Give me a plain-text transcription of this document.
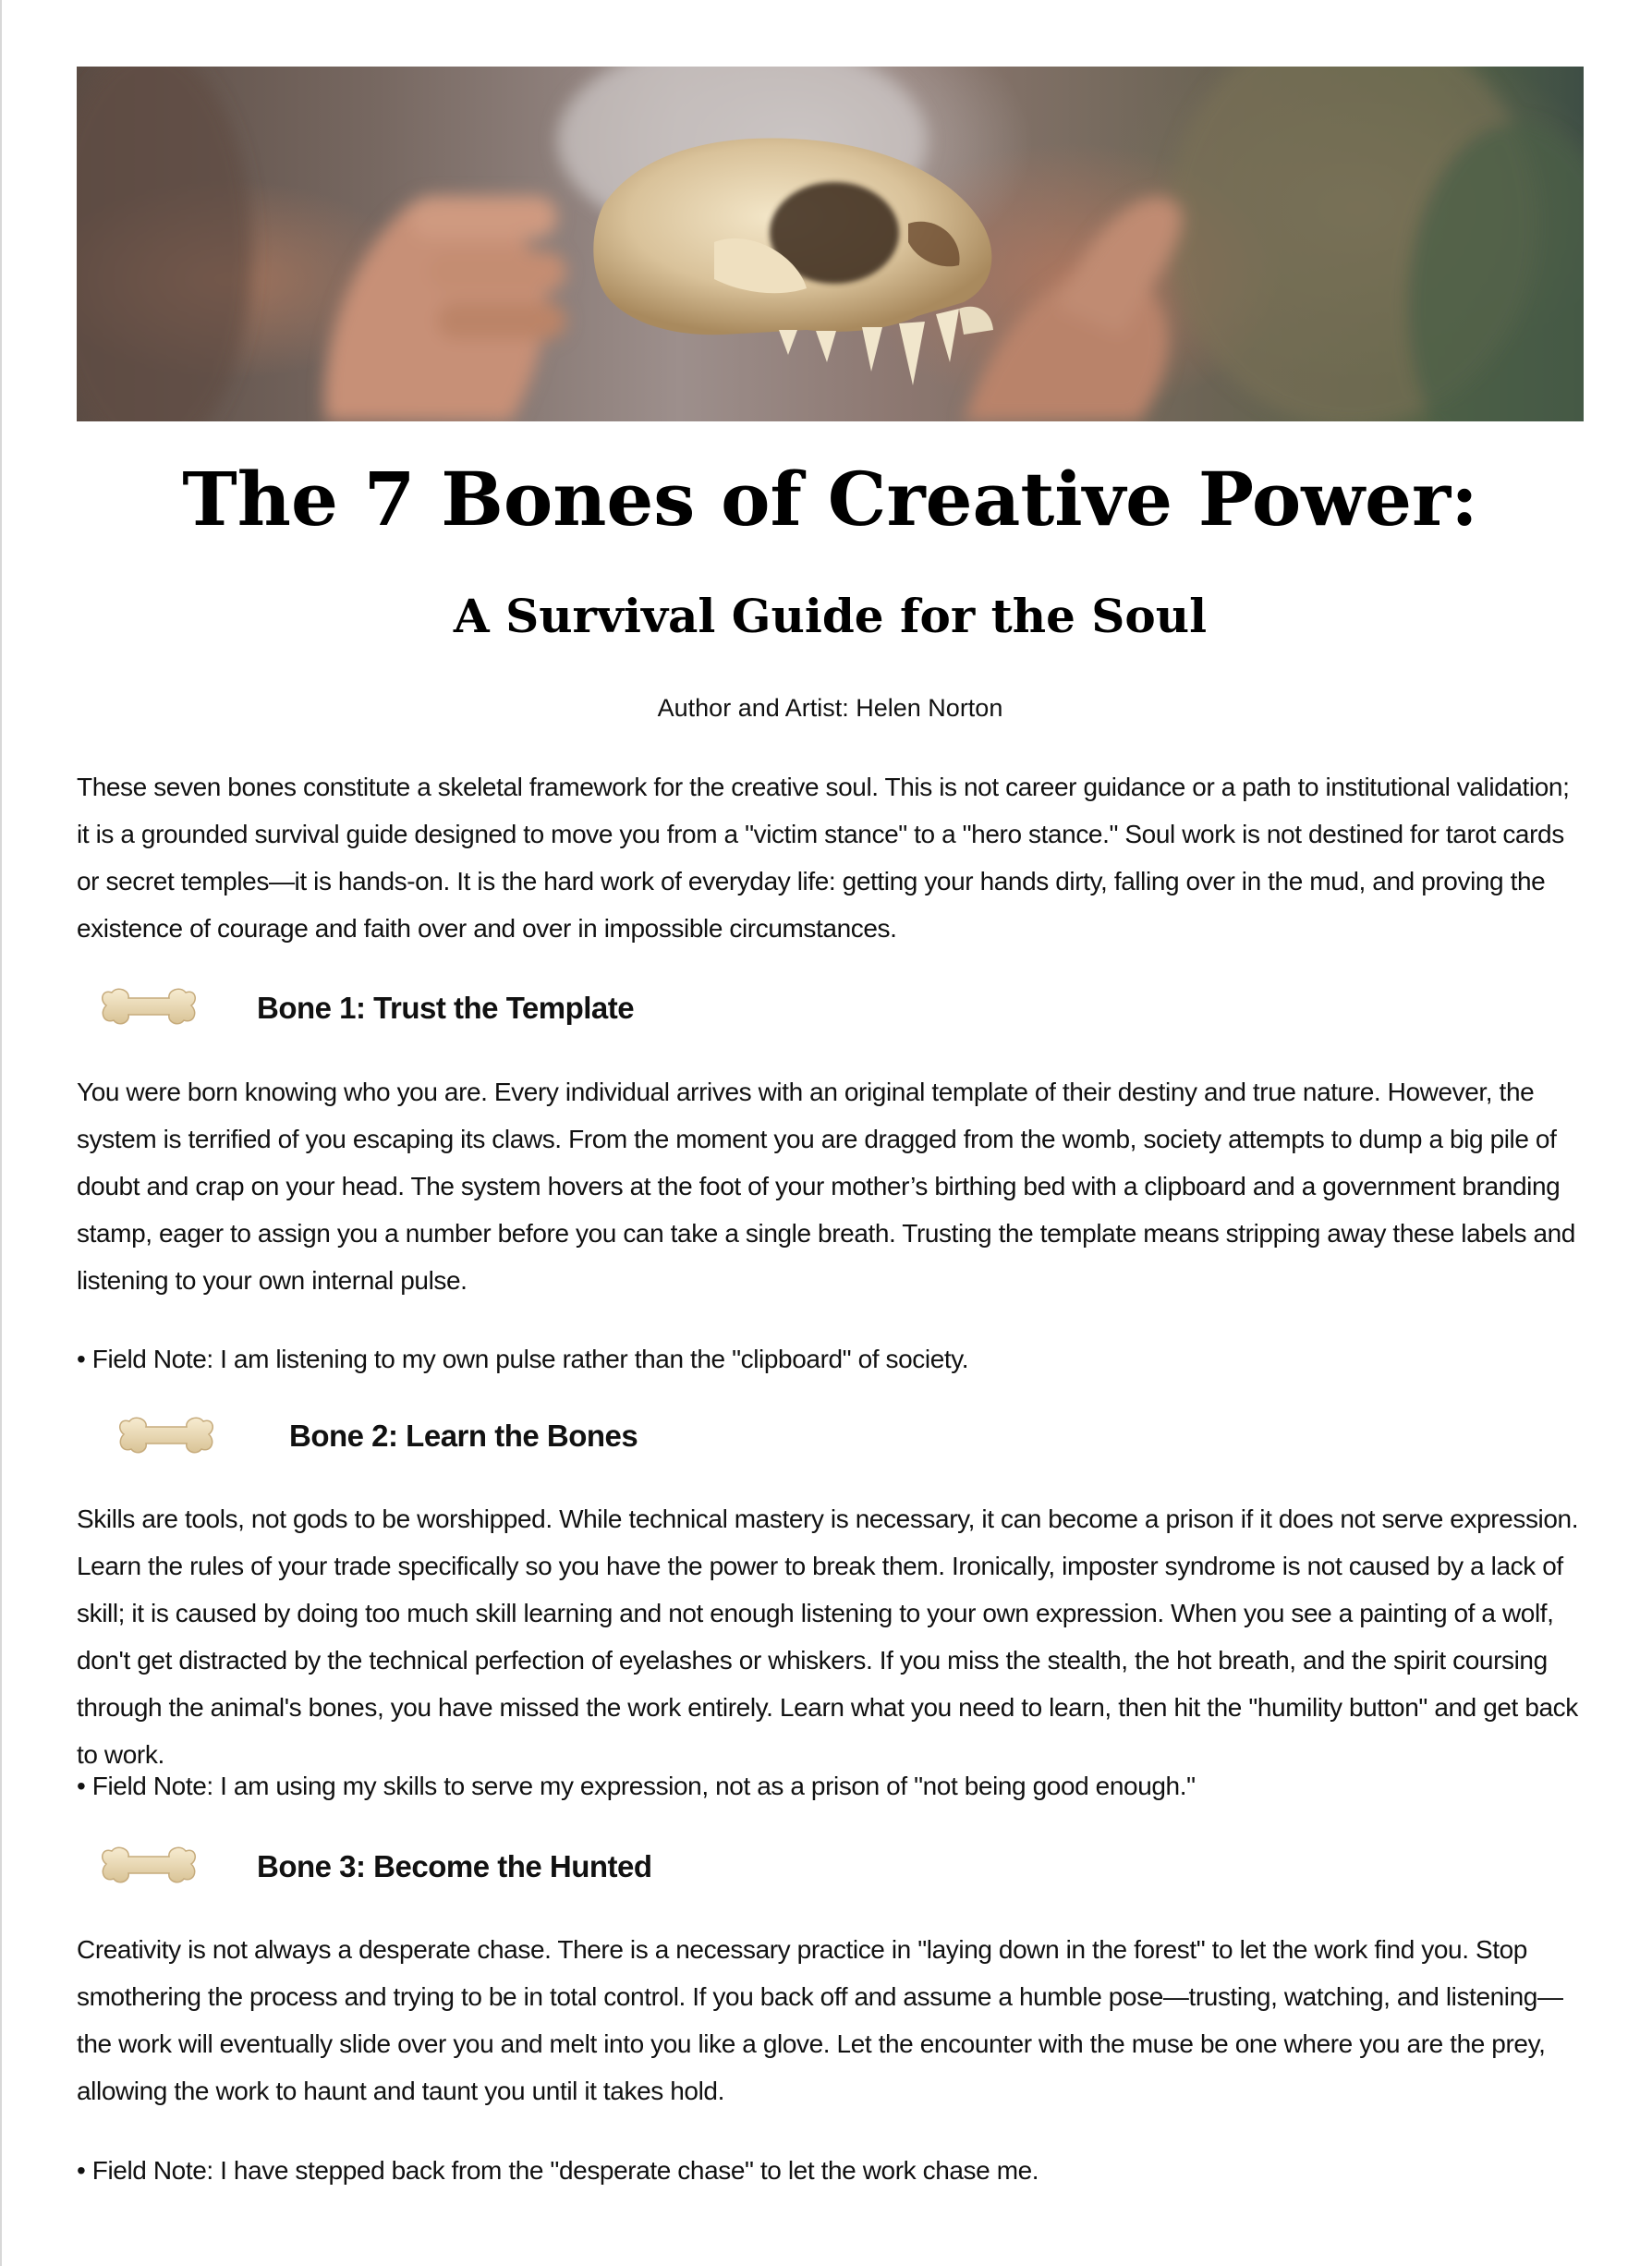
The 7 Bones of Creative Power:
A Survival Guide for the Soul

Author and Artist: Helen Norton

These seven bones constitute a skeletal framework for the creative soul. This is not career guidance or a path to institutional validation; it is a grounded survival guide designed to move you from a "victim stance" to a "hero stance." Soul work is not destined for tarot cards or secret temples—it is hands-on. It is the hard work of everyday life: getting your hands dirty, falling over in the mud, and proving the existence of courage and faith over and over in impossible circumstances.

Bone 1: Trust the Template

You were born knowing who you are. Every individual arrives with an original template of their destiny and true nature. However, the system is terrified of you escaping its claws. From the moment you are dragged from the womb, society attempts to dump a big pile of doubt and crap on your head. The system hovers at the foot of your mother’s birthing bed with a clipboard and a government branding stamp, eager to assign you a number before you can take a single breath. Trusting the template means stripping away these labels and listening to your own internal pulse.

• Field Note: I am listening to my own pulse rather than the "clipboard" of society.

Bone 2: Learn the Bones

Skills are tools, not gods to be worshipped. While technical mastery is necessary, it can become a prison if it does not serve expression. Learn the rules of your trade specifically so you have the power to break them. Ironically, imposter syndrome is not caused by a lack of skill; it is caused by doing too much skill learning and not enough listening to your own expression. When you see a painting of a wolf, don't get distracted by the technical perfection of eyelashes or whiskers. If you miss the stealth, the hot breath, and the spirit coursing through the animal's bones, you have missed the work entirely. Learn what you need to learn, then hit the "humility button" and get back to work.

• Field Note: I am using my skills to serve my expression, not as a prison of "not being good enough."

Bone 3: Become the Hunted

Creativity is not always a desperate chase. There is a necessary practice in "laying down in the forest" to let the work find you. Stop smothering the process and trying to be in total control. If you back off and assume a humble pose—trusting, watching, and listening—the work will eventually slide over you and melt into you like a glove. Let the encounter with the muse be one where you are the prey, allowing the work to haunt and taunt you until it takes hold.

• Field Note: I have stepped back from the "desperate chase" to let the work chase me.
